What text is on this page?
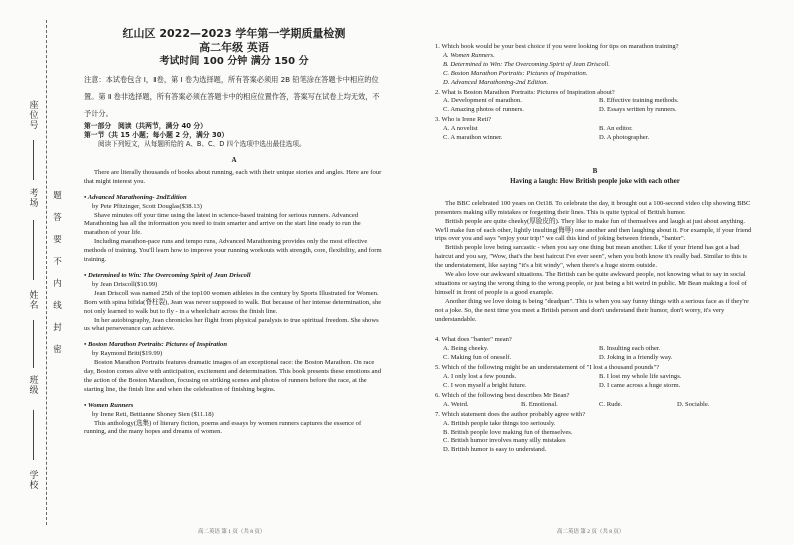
学校
班级
姓名
考场
座位号
题
答
要
不
内
线
封
密
红山区 2022—2023 学年第一学期质量检测
高二年级 英语
考试时间 100 分钟 满分 150 分
注意：本试卷包含 Ⅰ，Ⅱ卷，第 Ⅰ 卷为选择题，所有答案必须用 2B 铅笔涂在答题卡中相应的位置。第 Ⅱ 卷非选择题，所有答案必须在答题卡中的相应位置作答，答案写在试卷上均无效，不予计分。
第一部分　阅读（共两节，满分 40 分）
第一节（共 15 小题；每小题 2 分，满分 30）
阅读下列短文，从每题所给的 A、B、C、D 四个选项中选出最佳选项。
A

There are literally thousands of books about running, each with their unique stories and angles. Here are four that might interest you.

• Advanced Marathoning- 2ndEdition
by Pete Pfitzinger, Scott Douglas($38.13)

Shave minutes off your time using the latest in science-based training for serious runners. Advanced Marathoning has all the information you need to train smarter and arrive on the start line ready to run the marathon of your life.

Including marathon-pace runs and tempo runs, Advanced Marathoning provides only the most effective methods of training. You'll learn how to improve your running workouts with strength, core, flexibility, and form training.

• Determined to Win: The Overcoming Spirit of Jean Driscoll
by Jean Driscoll($10.99)

Jean Driscoll was named 25th of the top100 women athletes in the century by Sports Illustrated for Women. Born with spina bifida(脊柱裂), Jean was never supposed to walk. But because of her intense determination, she not only learned to walk but to fly - in a wheelchair across the finish line.

In her autobiography, Jean chronicles her flight from physical paralysis to true spiritual freedom. She shows us what perseverance can achieve.

• Boston Marathon Portraits: Pictures of Inspiration
by Raymond Britt($19.99)

Boston Marathon Portraits features dramatic images of an exceptional race: the Boston Marathon. On race day, Boston comes alive with anticipation, excitement and determination. This book presents these emotions and the action of the Boston Marathon, focusing on striking scenes and photos of runners before the race, at the starting line, the finish line and when the celebration of finishing begins.

• Women Runners
by Irene Reti, Bettianne Shoney Sien ($11.18)

This anthology(选集) of literary fiction, poems and essays by women runners captures the essence of running, and the many hopes and dreams of women.

高二英语 第 1 页（共 8 页）
1. Which book would be your best choice if you were looking for tips on marathon training?
A. Women Runners.
B. Determined to Win: The Overcoming Spirit of Jean Driscoll.
C. Boston Marathon Portraits: Pictures of Inspiration.
D. Advanced Marathoning-2nd Edition.
2. What is Boston Marathon Portraits: Pictures of Inspiration about?
A. Development of marathon.	B. Effective training methods.
C. Amazing photos of runners.	D. Essays written by runners.
3. Who is Irene Reti?
A. A novelist	B. An editor.
C. A marathon winner.	D. A photographer.
B
Having a laugh: How British people joke with each other

The BBC celebrated 100 years on Oct18. To celebrate the day, it brought out a 100-second video clip showing BBC presenters making silly mistakes or forgetting their lines. This is quite typical of British humor.

British people are quite cheeky(厚脸皮的). They like to make fun of themselves and laugh at just about anything. We'll make fun of each other, lightly insulting(侮辱) one another and then laughing about it. For example, if your friend trips over you and says "enjoy your trip!" we call this kind of joking between friends, "banter".

British people love being sarcastic - when you say one thing but mean another. Like if your friend has got a bad haircut and you say, "Wow, that's the best haircut I've ever seen", when you both know it's really bad. Similar to this is the understatement, like saying "it's a bit windy", when there's a huge storm outside.

We also love our awkward situations. The British can be quite awkward people, not knowing what to say in social situations or saying the wrong thing to the wrong people, or just being a bit weird in public. Mr Bean making a fool of himself in front of people is a good example.

Another thing we love doing is being "deadpan". This is when you say funny things with a serious face as if they're not a joke. So, the next time you meet a British person and don't understand their humor, don't worry, it's very understandable.

4. What does "banter" mean?
A. Being cheeky.	B. Insulting each other.
C. Making fun of oneself.	D. Joking in a friendly way.
5. Which of the following might be an understatement of "I lost a thousand pounds"?
A. I only lost a few pounds.	B. I lost my whole life savings.
C. I won myself a bright future.	D. I came across a huge storm.
6. Which of the following best describes Mr Bean?
A. Weird.	B. Emotional.	C. Rude.	D. Sociable.
7. Which statement does the author probably agree with?
A. British people take things too seriously.
B. British people love making fun of themselves.
C. British humor involves many silly mistakes
D. British humor is easy to understand.
高二英语 第 2 页（共 8 页）
